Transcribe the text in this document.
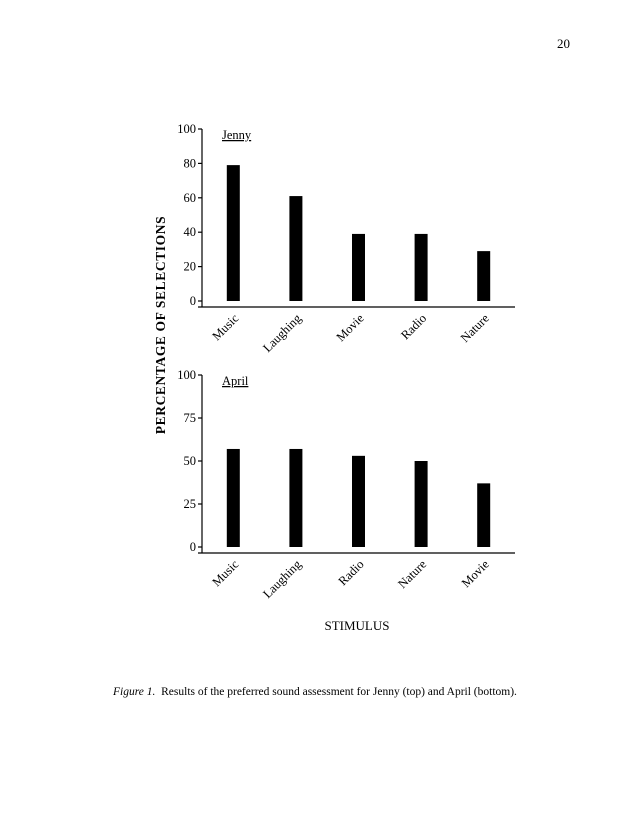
20
PERCENTAGE OF SELECTIONS
Jenny
0
20
40
60
80
100
Music Laughing Movie	Radio Nature
April
0
25
50
75
100
Music Laughing	Radio Nature Movie
STIMULUS
Figure 1. Results of the preferred sound assessment for Jenny (top) and April (bottom).
